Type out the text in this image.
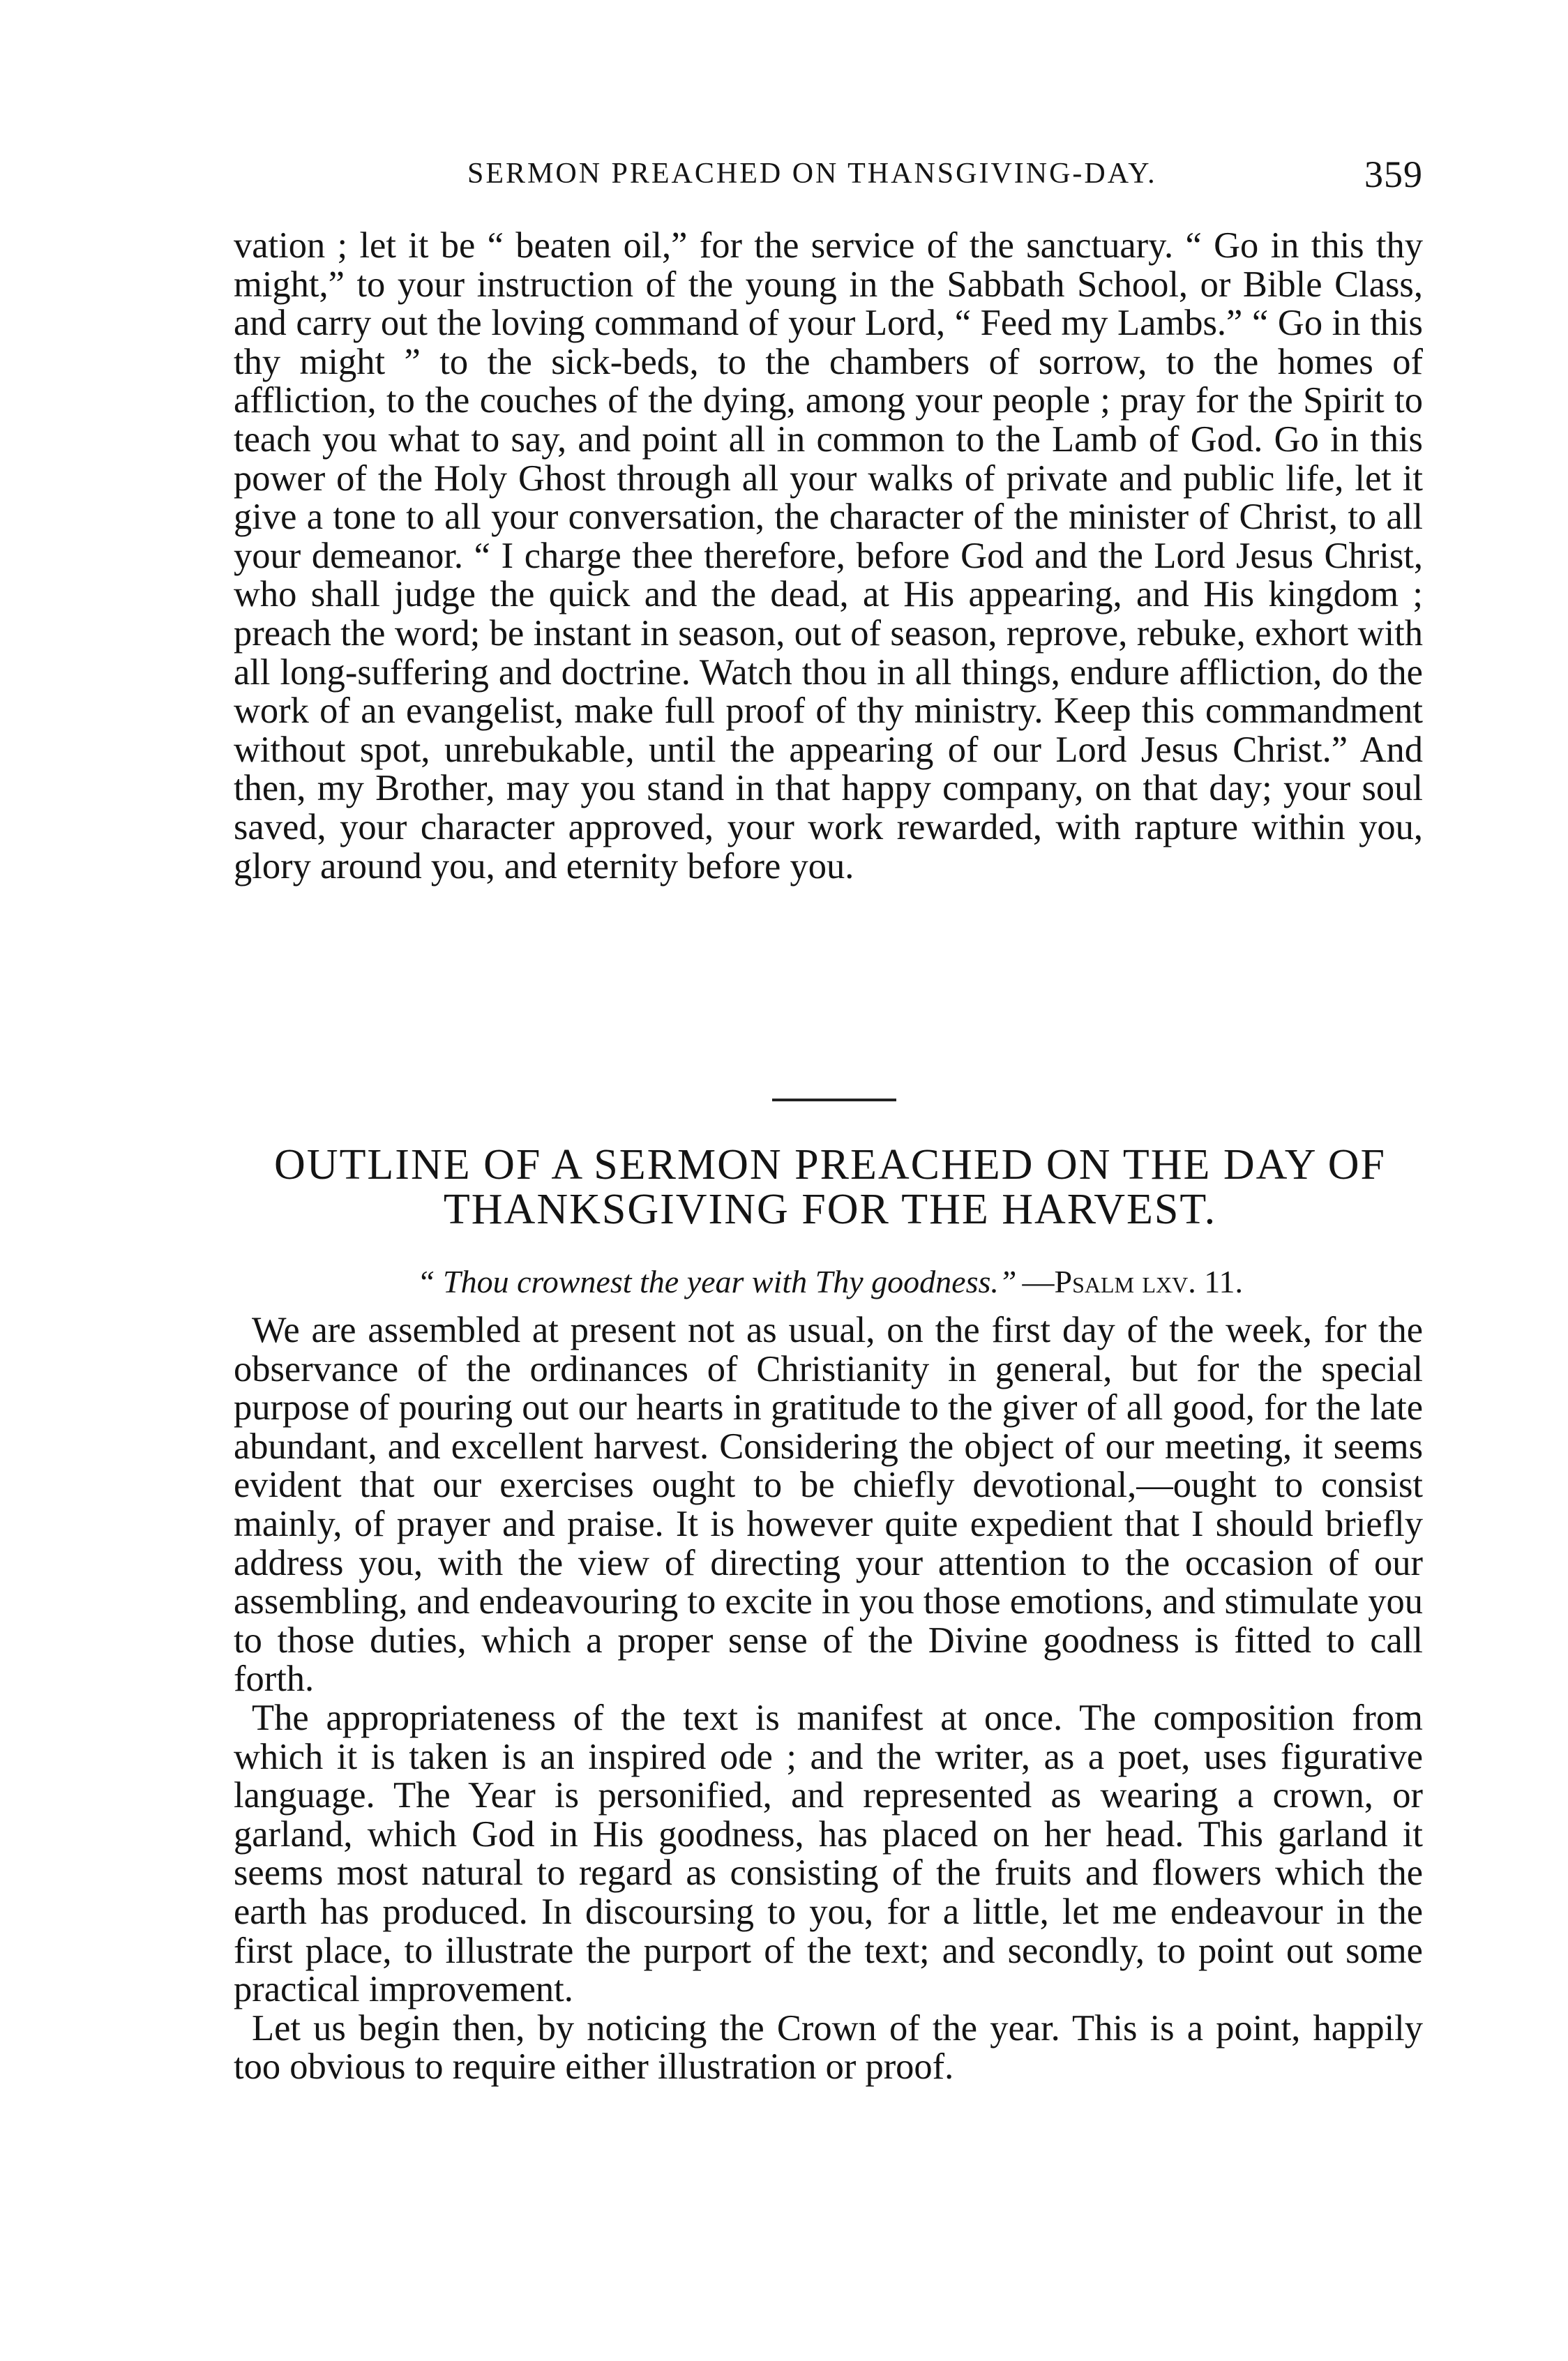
SERMON PREACHED ON THANSGIVING-DAY.	359
vation ; let it be “ beaten oil,” for the service of the sanctuary. “ Go in this thy might,” to your instruction of the young in the Sabbath School, or Bible Class, and carry out the loving command of your Lord, “ Feed my Lambs.” “ Go in this thy might ” to the sick-beds, to the chambers of sorrow, to the homes of affliction, to the couches of the dying, among your people ; pray for the Spirit to teach you what to say, and point all in common to the Lamb of God. Go in this power of the Holy Ghost through all your walks of private and public life, let it give a tone to all your conversation, the character of the minister of Christ, to all your demeanor. “ I charge thee therefore, before God and the Lord Jesus Christ, who shall judge the quick and the dead, at His appearing, and His kingdom ; preach the word; be instant in season, out of season, reprove, rebuke, exhort with all long-suffering and doctrine. Watch thou in all things, endure affliction, do the work of an evangelist, make full proof of thy ministry. Keep this commandment without spot, unrebukable, until the appearing of our Lord Jesus Christ.” And then, my Brother, may you stand in that happy company, on that day; your soul saved, your character approved, your work rewarded, with rapture within you, glory around you, and eternity before you.
OUTLINE OF A SERMON PREACHED ON THE DAY OF
THANKSGIVING FOR THE HARVEST.
“ Thou crownest the year with Thy goodness.” —Psalm lxv. 11.

We are assembled at present not as usual, on the first day of the week, for the observance of the ordinances of Christianity in general, but for the special purpose of pouring out our hearts in gratitude to the giver of all good, for the late abundant, and excellent harvest. Considering the object of our meeting, it seems evident that our exercises ought to be chiefly devotional,—ought to consist mainly, of prayer and praise. It is however quite expedient that I should briefly address you, with the view of directing your attention to the occasion of our assembling, and endeavouring to excite in you those emotions, and stimulate you to those duties, which a proper sense of the Divine goodness is fitted to call forth.

The appropriateness of the text is manifest at once. The composition from which it is taken is an inspired ode ; and the writer, as a poet, uses figurative language. The Year is personified, and represented as wearing a crown, or garland, which God in His goodness, has placed on her head. This garland it seems most natural to regard as consisting of the fruits and flowers which the earth has produced. In discoursing to you, for a little, let me endeavour in the first place, to illustrate the purport of the text; and secondly, to point out some practical improvement.

Let us begin then, by noticing the Crown of the year. This is a point, happily too obvious to require either illustration or proof.
